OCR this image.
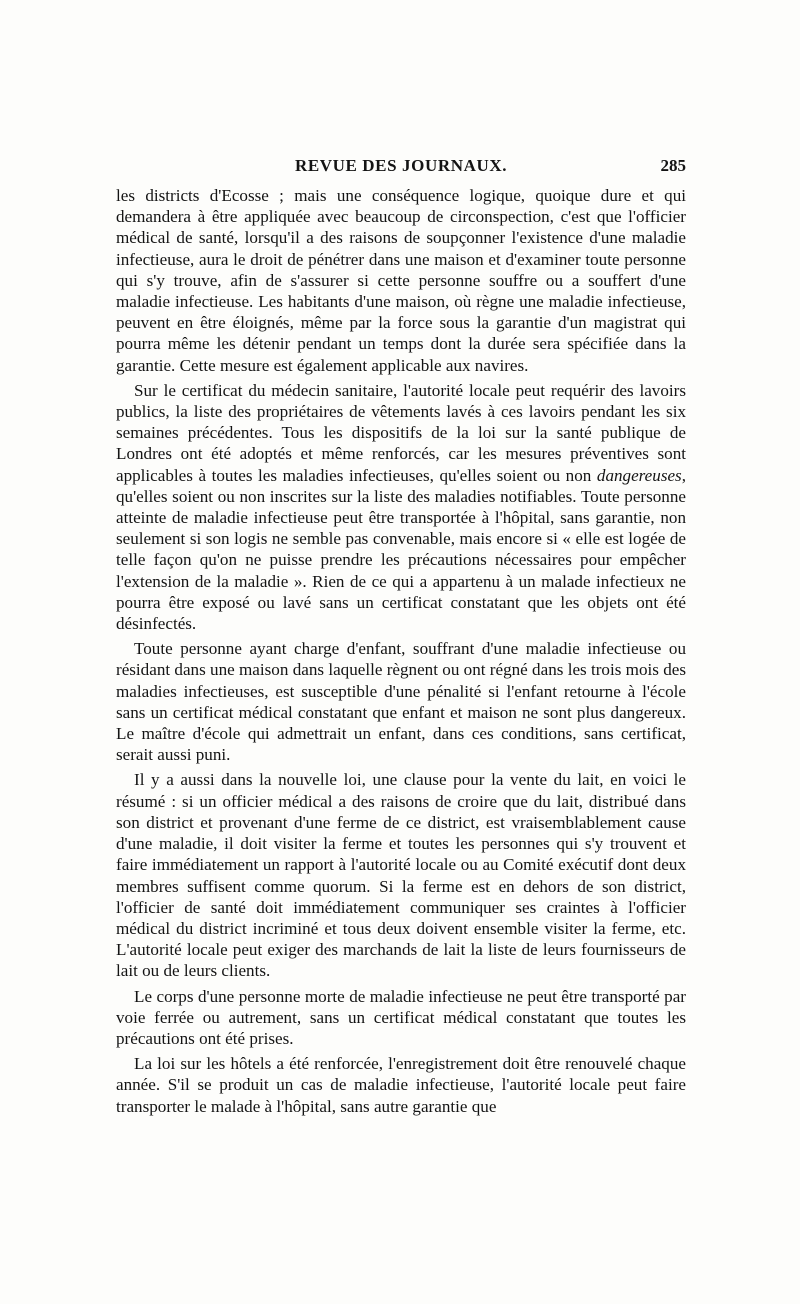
REVUE DES JOURNAUX.	285

les districts d'Ecosse ; mais une conséquence logique, quoique dure et qui demandera à être appliquée avec beaucoup de circonspection, c'est que l'officier médical de santé, lorsqu'il a des raisons de soupçonner l'existence d'une maladie infectieuse, aura le droit de pénétrer dans une maison et d'examiner toute personne qui s'y trouve, afin de s'assurer si cette personne souffre ou a souffert d'une maladie infectieuse. Les habitants d'une maison, où règne une maladie infectieuse, peuvent en être éloignés, même par la force sous la garantie d'un magistrat qui pourra même les détenir pendant un temps dont la durée sera spécifiée dans la garantie. Cette mesure est également applicable aux navires.

Sur le certificat du médecin sanitaire, l'autorité locale peut requérir des lavoirs publics, la liste des propriétaires de vêtements lavés à ces lavoirs pendant les six semaines précédentes. Tous les dispositifs de la loi sur la santé publique de Londres ont été adoptés et même renforcés, car les mesures préventives sont applicables à toutes les maladies infectieuses, qu'elles soient ou non dangereuses, qu'elles soient ou non inscrites sur la liste des maladies notifiables. Toute personne atteinte de maladie infectieuse peut être transportée à l'hôpital, sans garantie, non seulement si son logis ne semble pas convenable, mais encore si « elle est logée de telle façon qu'on ne puisse prendre les précautions nécessaires pour empêcher l'extension de la maladie ». Rien de ce qui a appartenu à un malade infectieux ne pourra être exposé ou lavé sans un certificat constatant que les objets ont été désinfectés.

Toute personne ayant charge d'enfant, souffrant d'une maladie infectieuse ou résidant dans une maison dans laquelle règnent ou ont régné dans les trois mois des maladies infectieuses, est susceptible d'une pénalité si l'enfant retourne à l'école sans un certificat médical constatant que enfant et maison ne sont plus dangereux. Le maître d'école qui admettrait un enfant, dans ces conditions, sans certificat, serait aussi puni.

Il y a aussi dans la nouvelle loi, une clause pour la vente du lait, en voici le résumé : si un officier médical a des raisons de croire que du lait, distribué dans son district et provenant d'une ferme de ce district, est vraisemblablement cause d'une maladie, il doit visiter la ferme et toutes les personnes qui s'y trouvent et faire immédiatement un rapport à l'autorité locale ou au Comité exécutif dont deux membres suffisent comme quorum. Si la ferme est en dehors de son district, l'officier de santé doit immédiatement communiquer ses craintes à l'officier médical du district incriminé et tous deux doivent ensemble visiter la ferme, etc. L'autorité locale peut exiger des marchands de lait la liste de leurs fournisseurs de lait ou de leurs clients.

Le corps d'une personne morte de maladie infectieuse ne peut être transporté par voie ferrée ou autrement, sans un certificat médical constatant que toutes les précautions ont été prises.

La loi sur les hôtels a été renforcée, l'enregistrement doit être renouvelé chaque année. S'il se produit un cas de maladie infectieuse, l'autorité locale peut faire transporter le malade à l'hôpital, sans autre garantie que
